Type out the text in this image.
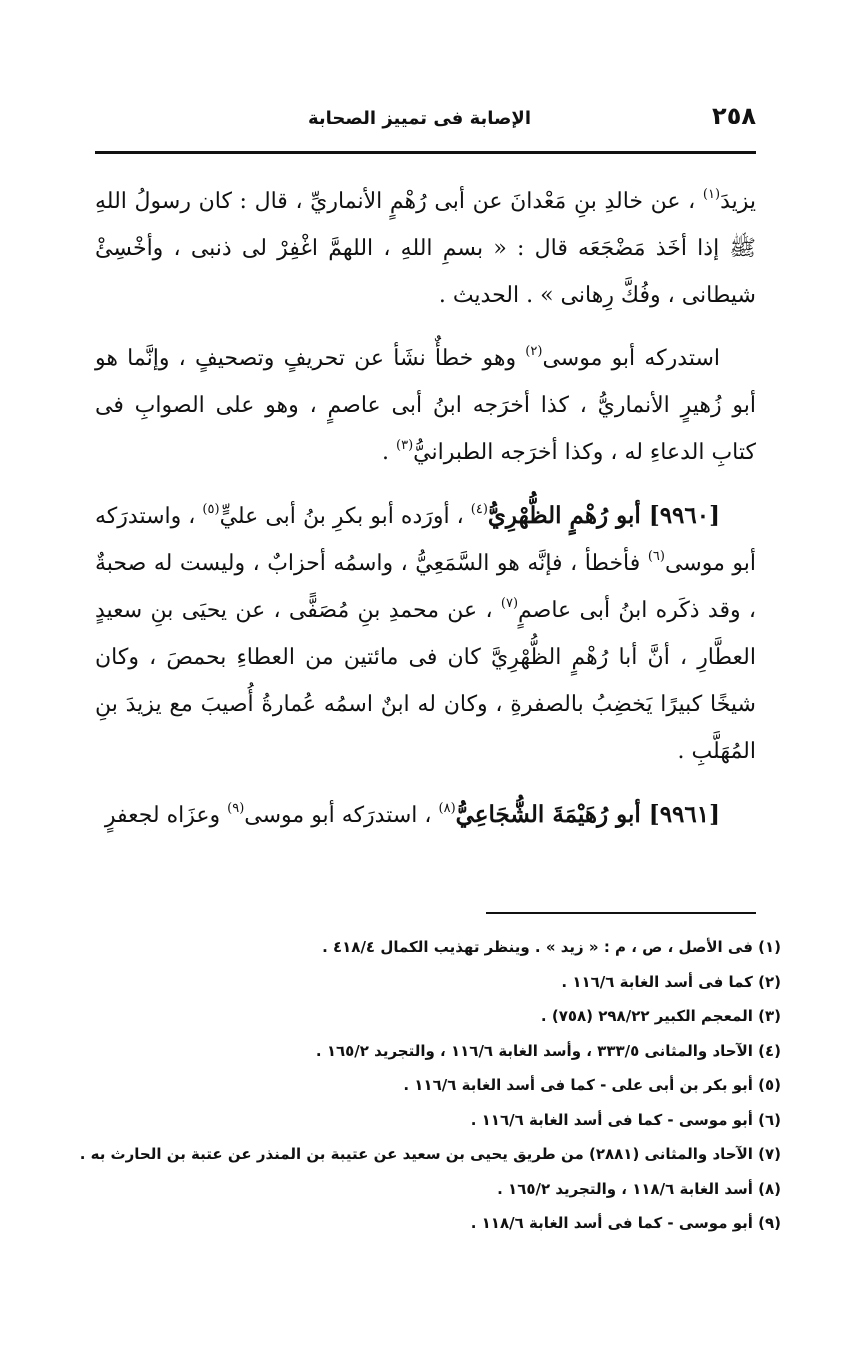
٢٥٨
الإصابة فى تمييز الصحابة

يزيدَ$^{(١)}$ ، عن خالدِ بنِ مَعْدانَ عن أبى رُهْمٍ الأنماريِّ ، قال : كان رسولُ اللهِ ﷺ إذا أخَذ مَضْجَعَه قال : « بسمِ اللهِ ، اللهمَّ اغْفِرْ لى ذنبى ، وأخْسِئْ شيطانى ، وفُكَّ رِهانى » . الحديث .

استدركه أبو موسى$^{(٢)}$ وهو خطأٌ نشَأ عن تحريفٍ وتصحيفٍ ، وإنَّما هو أبو زُهيرٍ الأنماريُّ ، كذا أخرَجه ابنُ أبى عاصمٍ ، وهو على الصوابِ فى كتابِ الدعاءِ له ، وكذا أخرَجه الطبرانيُّ$^{(٣)}$ .

[٩٩٦٠] أبو رُهْمٍ الظُّهْرِيُّ$^{(٤)}$ ، أورَده أبو بكرِ بنُ أبى عليٍّ$^{(٥)}$ ، واستدرَكه أبو موسى$^{(٦)}$ فأخطأ ، فإنَّه هو السَّمَعِيُّ ، واسمُه أحزابٌ ، وليست له صحبةٌ ، وقد ذكَره ابنُ أبى عاصمٍ$^{(٧)}$ ، عن محمدِ بنِ مُصَفًّى ، عن يحيَى بنِ سعيدٍ العطَّارِ ، أنَّ أبا رُهْمٍ الظُّهْرِيَّ كان فى مائتين من العطاءِ بحمصَ ، وكان شيخًا كبيرًا يَخضِبُ بالصفرةِ ، وكان له ابنٌ اسمُه عُمارةُ أُصيبَ مع يزيدَ بنِ المُهَلَّبِ .

[٩٩٦١] أبو رُهَيْمَةَ الشُّجَاعِيُّ$^{(٨)}$ ، استدرَكه أبو موسى$^{(٩)}$ وعزَاه لجعفرٍ

(١) فى الأصل ، ص ، م : « زيد » . وينظر تهذيب الكمال ٤١٨/٤ .

(٢) كما فى أسد الغابة ١١٦/٦ .

(٣) المعجم الكبير ٢٩٨/٢٢ (٧٥٨) .

(٤) الآحاد والمثانى ٣٣٣/٥ ، وأسد الغابة ١١٦/٦ ، والتجريد ١٦٥/٢ .

(٥) أبو بكر بن أبى على - كما فى أسد الغابة ١١٦/٦ .

(٦) أبو موسى - كما فى أسد الغابة ١١٦/٦ .

(٧) الآحاد والمثانى (٢٨٨١) من طريق يحيى بن سعيد عن عتيبة بن المنذر عن عتبة بن الحارث به .

(٨) أسد الغابة ١١٨/٦ ، والتجريد ١٦٥/٢ .

(٩) أبو موسى - كما فى أسد الغابة ١١٨/٦ .
